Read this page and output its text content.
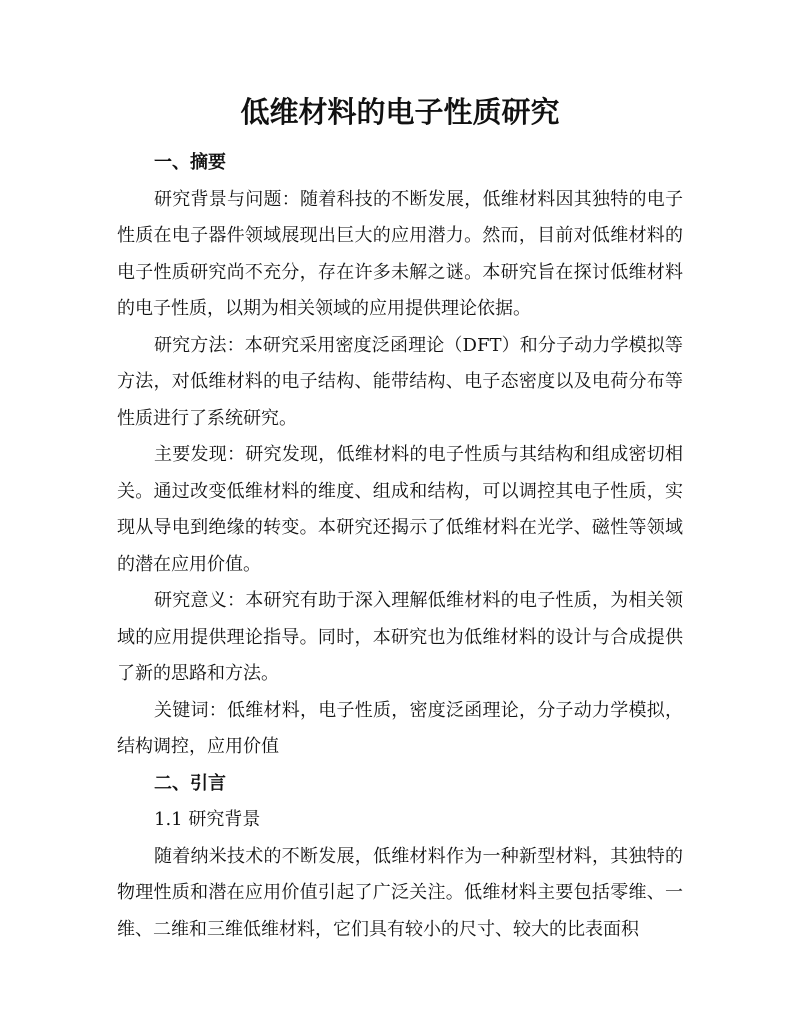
低维材料的电子性质研究

一、摘要

研究背景与问题：随着科技的不断发展，低维材料因其独特的电子性质在电子器件领域展现出巨大的应用潜力。然而，目前对低维材料的电子性质研究尚不充分，存在许多未解之谜。本研究旨在探讨低维材料的电子性质，以期为相关领域的应用提供理论依据。

研究方法：本研究采用密度泛函理论（DFT）和分子动力学模拟等方法，对低维材料的电子结构、能带结构、电子态密度以及电荷分布等性质进行了系统研究。

主要发现：研究发现，低维材料的电子性质与其结构和组成密切相关。通过改变低维材料的维度、组成和结构，可以调控其电子性质，实现从导电到绝缘的转变。本研究还揭示了低维材料在光学、磁性等领域的潜在应用价值。

研究意义：本研究有助于深入理解低维材料的电子性质，为相关领域的应用提供理论指导。同时，本研究也为低维材料的设计与合成提供了新的思路和方法。

关键词：低维材料，电子性质，密度泛函理论，分子动力学模拟，结构调控，应用价值

二、引言

1.1 研究背景

随着纳米技术的不断发展，低维材料作为一种新型材料，其独特的物理性质和潜在应用价值引起了广泛关注。低维材料主要包括零维、一维、二维和三维低维材料，它们具有较小的尺寸、较大的比表面积
